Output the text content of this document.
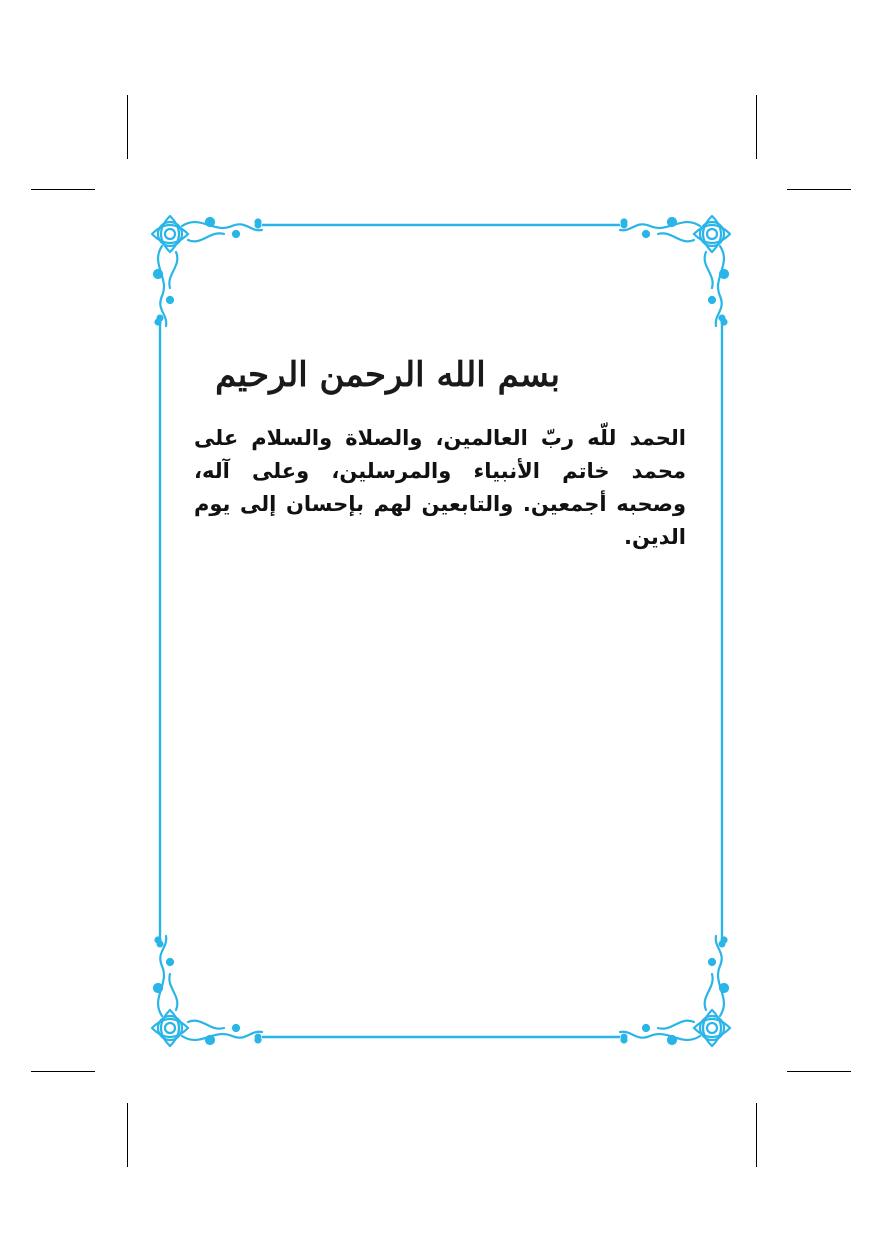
بسم الله الرحمن الرحيم
الحمد للّه ربّ العالمين، والصلاة والسلام على محمد خاتم الأنبياء والمرسلين، وعلى آله، وصحبه أجمعين. والتابعين لهم بإحسان إلى يوم الدين.
